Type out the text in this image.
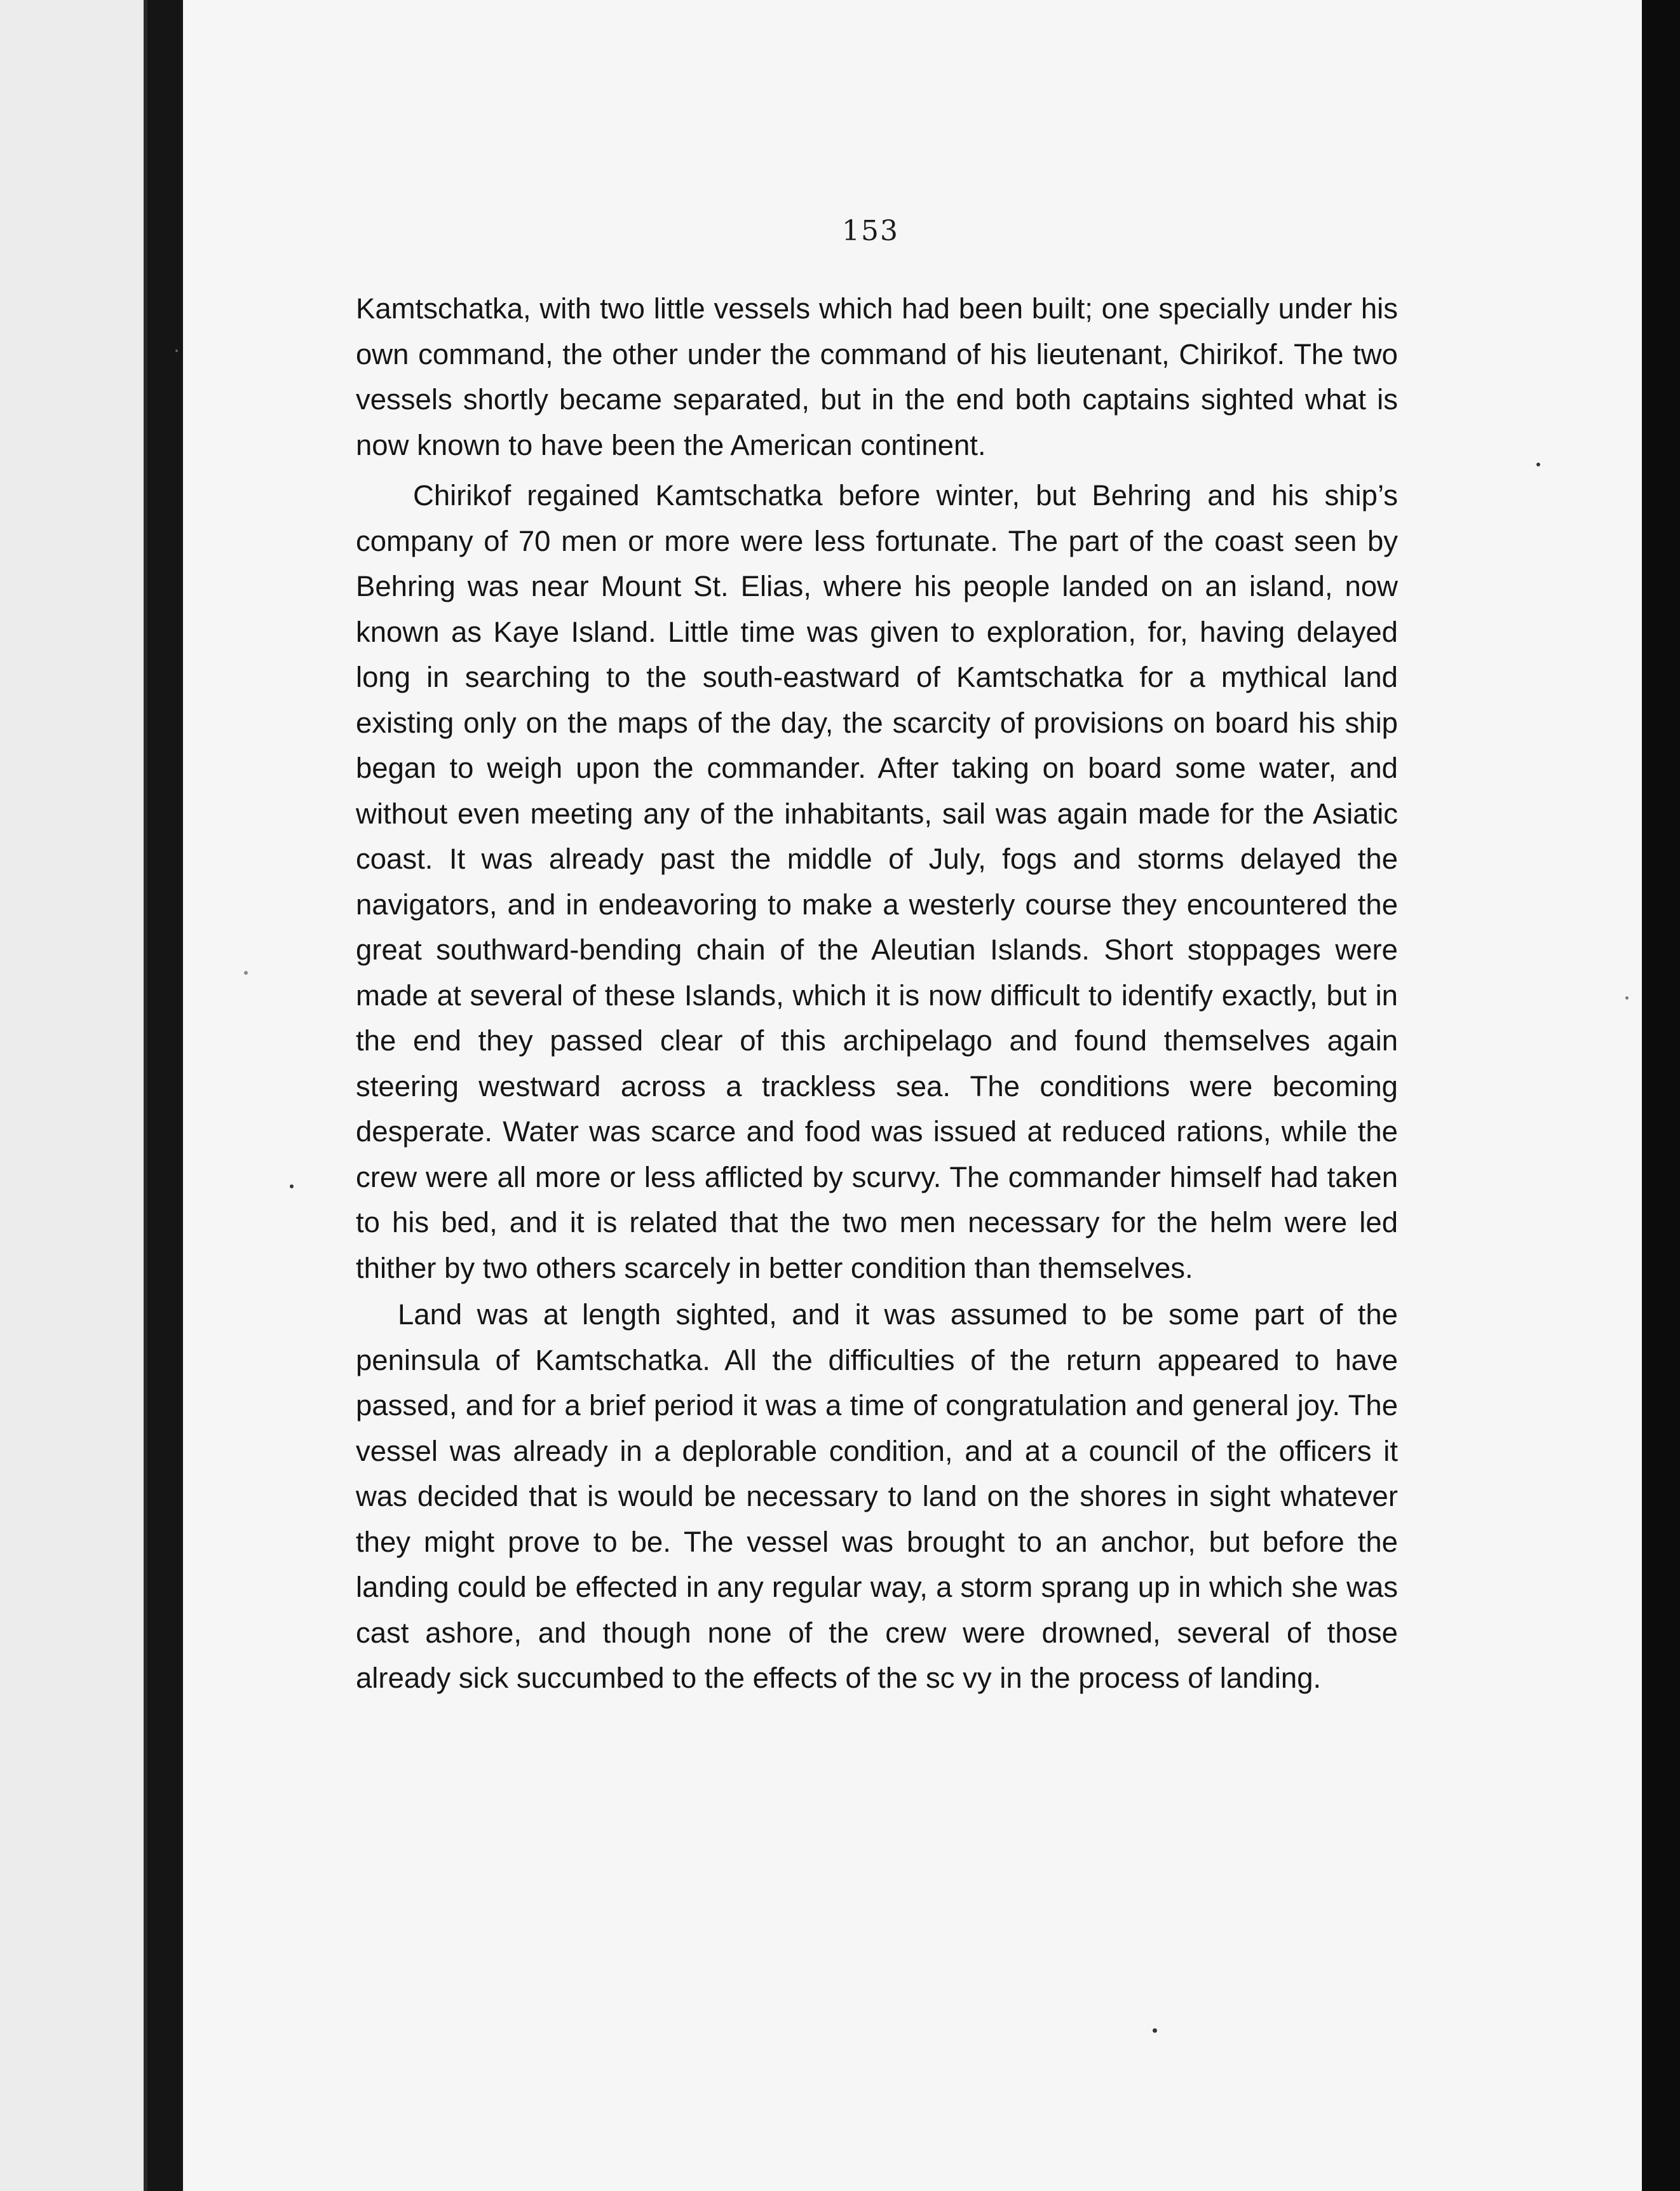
153

Kamtschatka, with two little vessels which had been built; one specially under his own command, the other under the command of his lieutenant, Chirikof. The two vessels shortly became separated, but in the end both captains sighted what is now known to have been the American continent.

Chirikof regained Kamtschatka before winter, but Behring and his ship’s company of 70 men or more were less fortunate. The part of the coast seen by Behring was near Mount St. Elias, where his people landed on an island, now known as Kaye Island. Little time was given to exploration, for, having delayed long in searching to the south-eastward of Kamtschatka for a mythical land existing only on the maps of the day, the scarcity of provisions on board his ship began to weigh upon the commander. After taking on board some water, and without even meeting any of the inhabitants, sail was again made for the Asiatic coast. It was already past the middle of July, fogs and storms delayed the navigators, and in endeavoring to make a westerly course they encountered the great southward-bending chain of the Aleutian Islands. Short stoppages were made at several of these Islands, which it is now difficult to identify exactly, but in the end they passed clear of this archipelago and found themselves again steering westward across a trackless sea. The conditions were becoming desperate. Water was scarce and food was issued at reduced rations, while the crew were all more or less afflicted by scurvy. The commander himself had taken to his bed, and it is related that the two men necessary for the helm were led thither by two others scarcely in better condition than themselves.

Land was at length sighted, and it was assumed to be some part of the peninsula of Kamtschatka. All the difficulties of the return appeared to have passed, and for a brief period it was a time of congratulation and general joy. The vessel was already in a deplorable condition, and at a council of the officers it was decided that is would be necessary to land on the shores in sight whatever they might prove to be. The vessel was brought to an anchor, but before the landing could be effected in any regular way, a storm sprang up in which she was cast ashore, and though none of the crew were drowned, several of those already sick succumbed to the effects of the sc vy in the process of landing.
